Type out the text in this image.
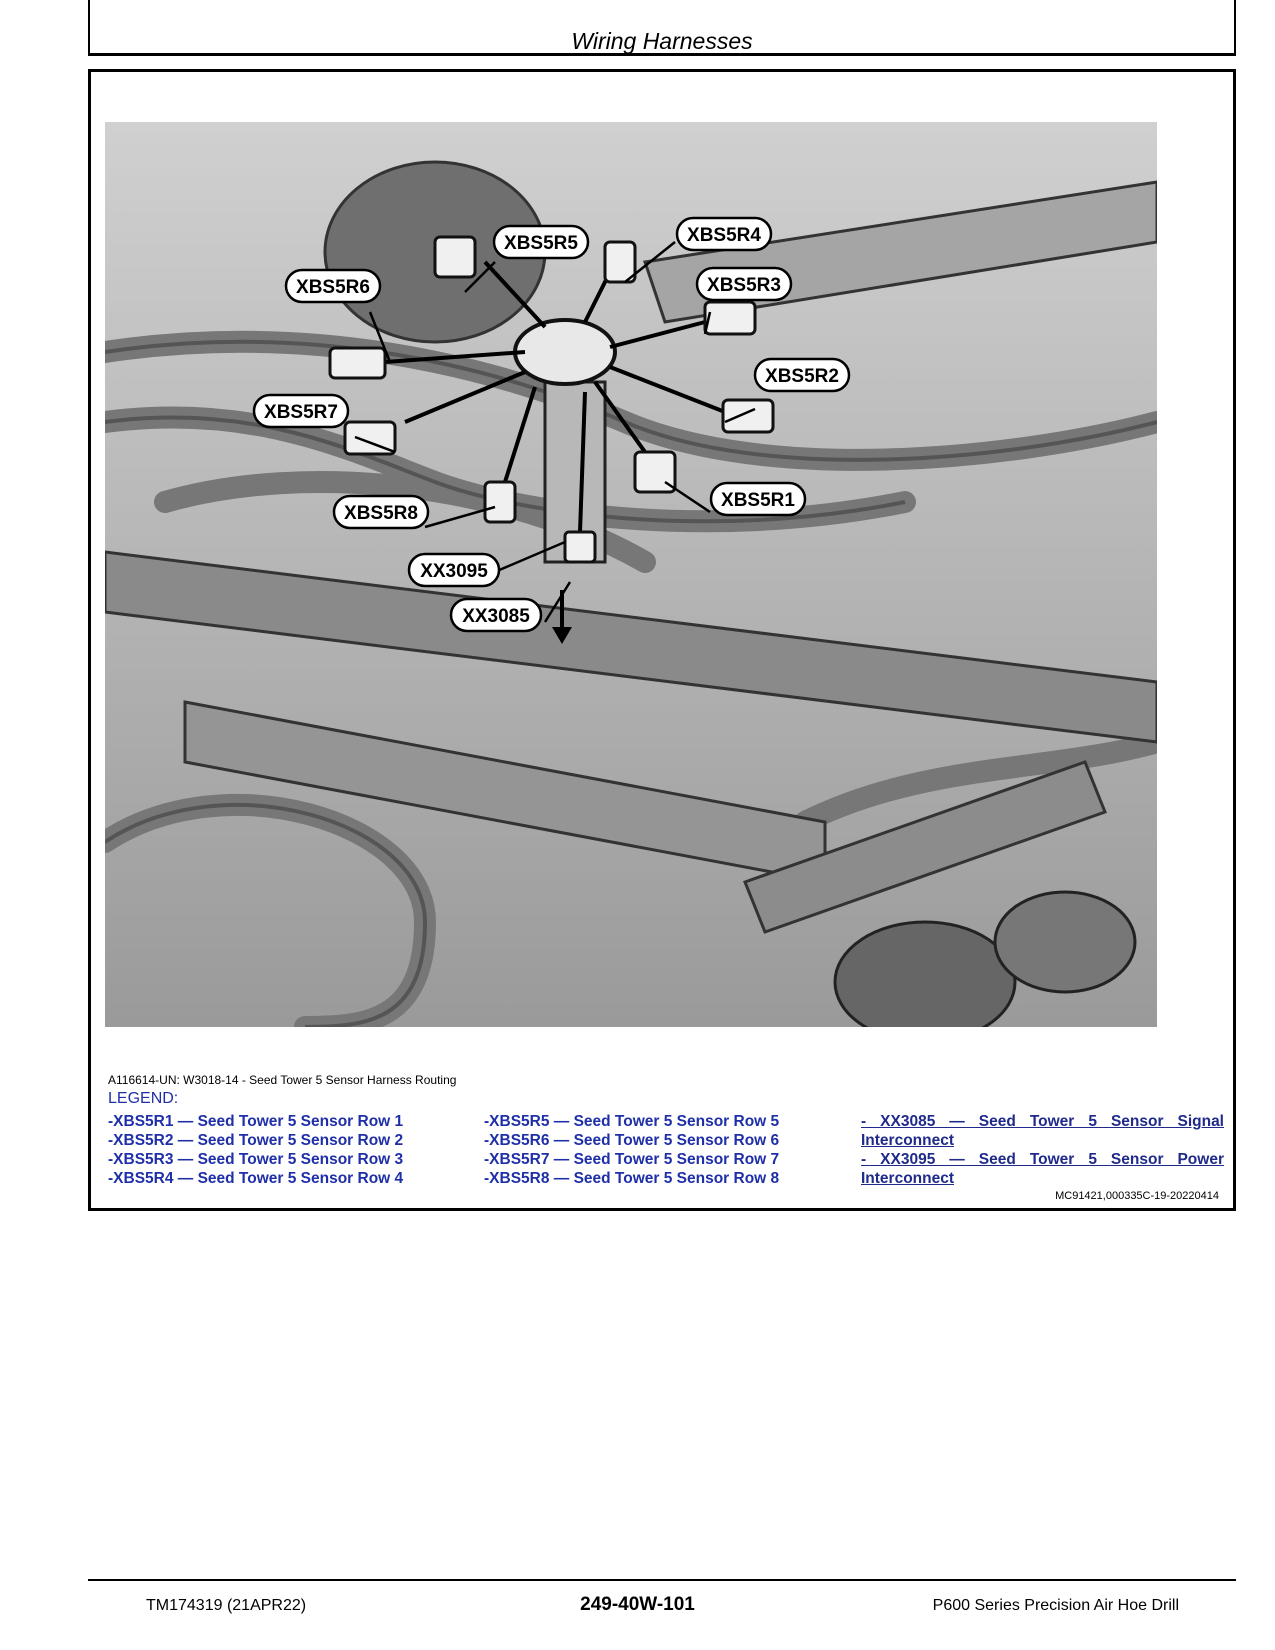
Wiring Harnesses
XBS5R5	XBS5R4
XBS5R6	XBS5R3
XBS5R2
XBS5R7
XBS5R1
XBS5R8
XX3095
XX3085
A116614-UN: W3018-14 - Seed Tower 5 Sensor Harness Routing
LEGEND:
-XBS5R1 — Seed Tower 5 Sensor Row 1
-XBS5R2 — Seed Tower 5 Sensor Row 2
-XBS5R3 — Seed Tower 5 Sensor Row 3
-XBS5R4 — Seed Tower 5 Sensor Row 4
-XBS5R5 — Seed Tower 5 Sensor Row 5
-XBS5R6 — Seed Tower 5 Sensor Row 6
-XBS5R7 — Seed Tower 5 Sensor Row 7
-XBS5R8 — Seed Tower 5 Sensor Row 8
- XX3085 — Seed Tower 5 Sensor Signal Interconnect
- XX3095 — Seed Tower 5 Sensor Power Interconnect
MC91421,000335C-19-20220414
TM174319 (21APR22)	249-40W-101	P600 Series Precision Air Hoe Drill
